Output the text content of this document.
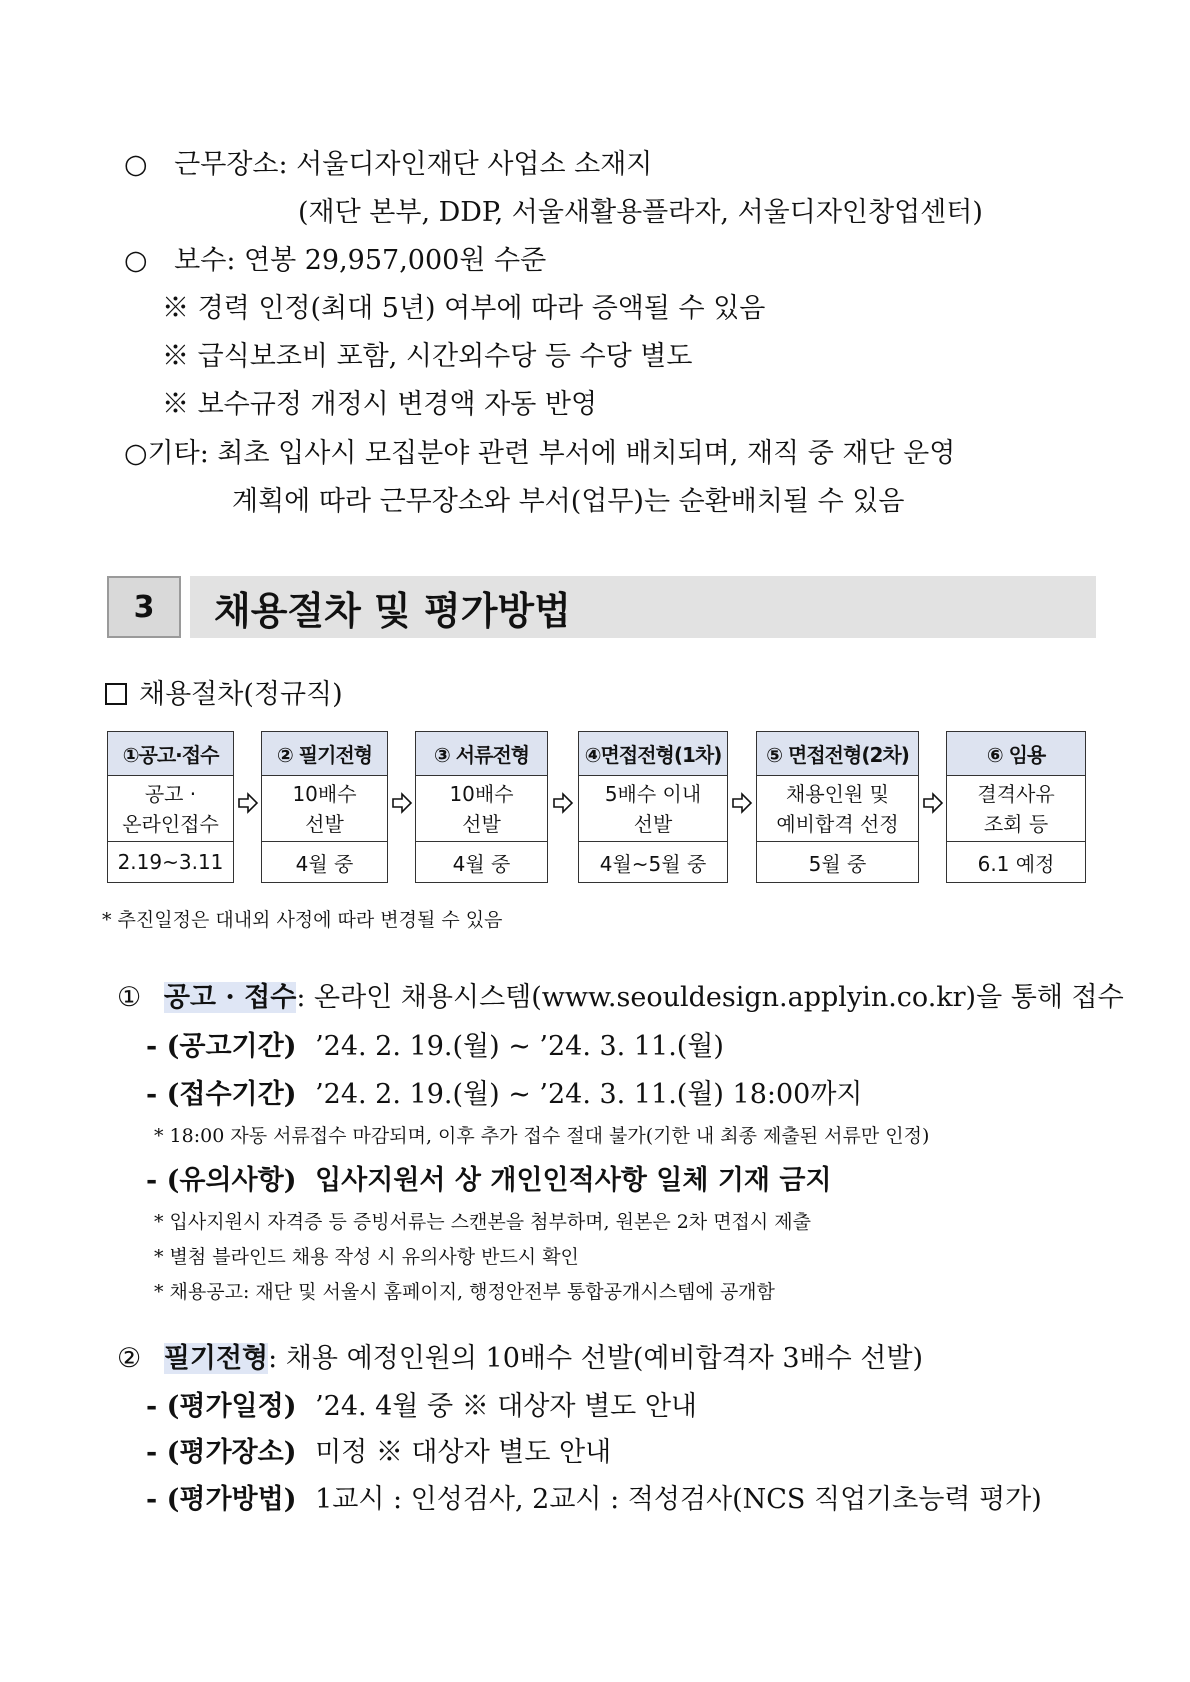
○ 근무장소: 서울디자인재단 사업소 소재지
(재단 본부, DDP, 서울새활용플라자, 서울디자인창업센터)
○ 보수: 연봉 29,957,000원 수준
※ 경력 인정(최대 5년) 여부에 따라 증액될 수 있음
※ 급식보조비 포함, 시간외수당 등 수당 별도
※ 보수규정 개정시 변경액 자동 반영
○기타: 최초 입사시 모집분야 관련 부서에 배치되며, 재직 중 재단 운영
계획에 따라 근무장소와 부서(업무)는 순환배치될 수 있음
3	채용절차 및 평가방법
채용절차(정규직)
①공고·접수
공고 ·
온라인접수
2.19~3.11
② 필기전형
10배수
선발
4월 중
③ 서류전형
10배수
선발
4월 중
④면접전형(1차)
5배수 이내
선발
4월~5월 중
⑤ 면접전형(2차)
채용인원 및
예비합격 선정
5월 중
⑥ 임용
결격사유
조회 등
6.1 예정
* 추진일정은 대내외 사정에 따라 변경될 수 있음
① 공고 · 접수: 온라인 채용시스템(www.seouldesign.applyin.co.kr)을 통해 접수
- (공고기간) ’24. 2. 19.(월) ~ ’24. 3. 11.(월)
- (접수기간) ’24. 2. 19.(월) ~ ’24. 3. 11.(월) 18:00까지
* 18:00 자동 서류접수 마감되며, 이후 추가 접수 절대 불가(기한 내 최종 제출된 서류만 인정)
- (유의사항) 입사지원서 상 개인인적사항 일체 기재 금지
* 입사지원시 자격증 등 증빙서류는 스캔본을 첨부하며, 원본은 2차 면접시 제출
* 별첨 블라인드 채용 작성 시 유의사항 반드시 확인
* 채용공고: 재단 및 서울시 홈페이지, 행정안전부 통합공개시스템에 공개함
② 필기전형: 채용 예정인원의 10배수 선발(예비합격자 3배수 선발)
- (평가일정) ’24. 4월 중 ※ 대상자 별도 안내
- (평가장소) 미정 ※ 대상자 별도 안내
- (평가방법) 1교시 : 인성검사, 2교시 : 적성검사(NCS 직업기초능력 평가)
